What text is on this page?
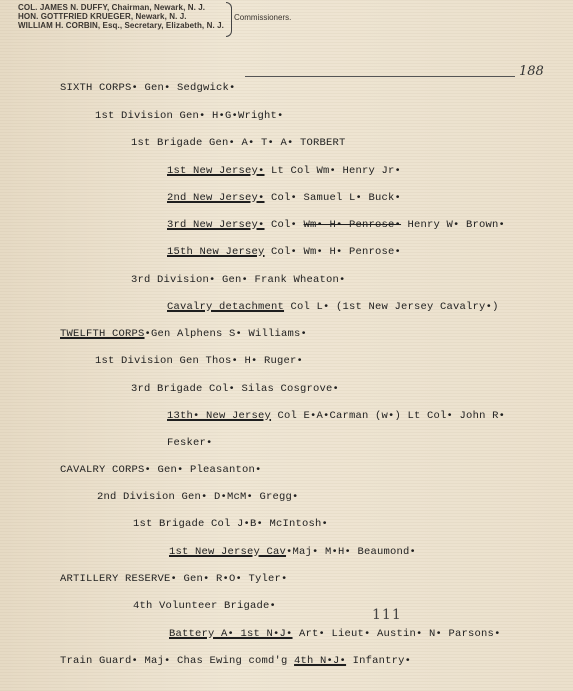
COL. JAMES N. DUFFY, Chairman, Newark, N. J.
HON. GOTTFRIED KRUEGER, Newark, N. J.
WILLIAM H. CORBIN, Esq., Secretary, Elizabeth, N. J.
Commissioners.
188
SIXTH CORPS• Gen• Sedgwick•
1st Division Gen• H•G•Wright•
1st Brigade Gen• A• T• A• TORBERT
1st New Jersey• Lt Col Wm• Henry Jr•
2nd New Jersey• Col• Samuel L• Buck•
3rd New Jersey• Col• Wm• H• Penrose• Henry W• Brown•
15th New Jersey Col• Wm• H• Penrose•
3rd Division• Gen• Frank Wheaton•
Cavalry detachment Col L• (1st New Jersey Cavalry•)
TWELFTH CORPS•Gen Alphens S• Williams•
1st Division Gen Thos• H• Ruger•
3rd Brigade Col• Silas Cosgrove•
13th• New Jersey Col E•A•Carman (w•) Lt Col• John R•
Fesker•
CAVALRY CORPS• Gen• Pleasanton•
2nd Division Gen• D•McM• Gregg•
1st Brigade Col J•B• McIntosh•
1st New Jersey Cav•Maj• M•H• Beaumond•
ARTILLERY RESERVE• Gen• R•O• Tyler•
4th Volunteer Brigade•
Battery A• 1st N•J• Art• Lieut• Austin• N• Parsons•
Train Guard• Maj• Chas Ewing comd'g 4th N•J• Infantry•
111
